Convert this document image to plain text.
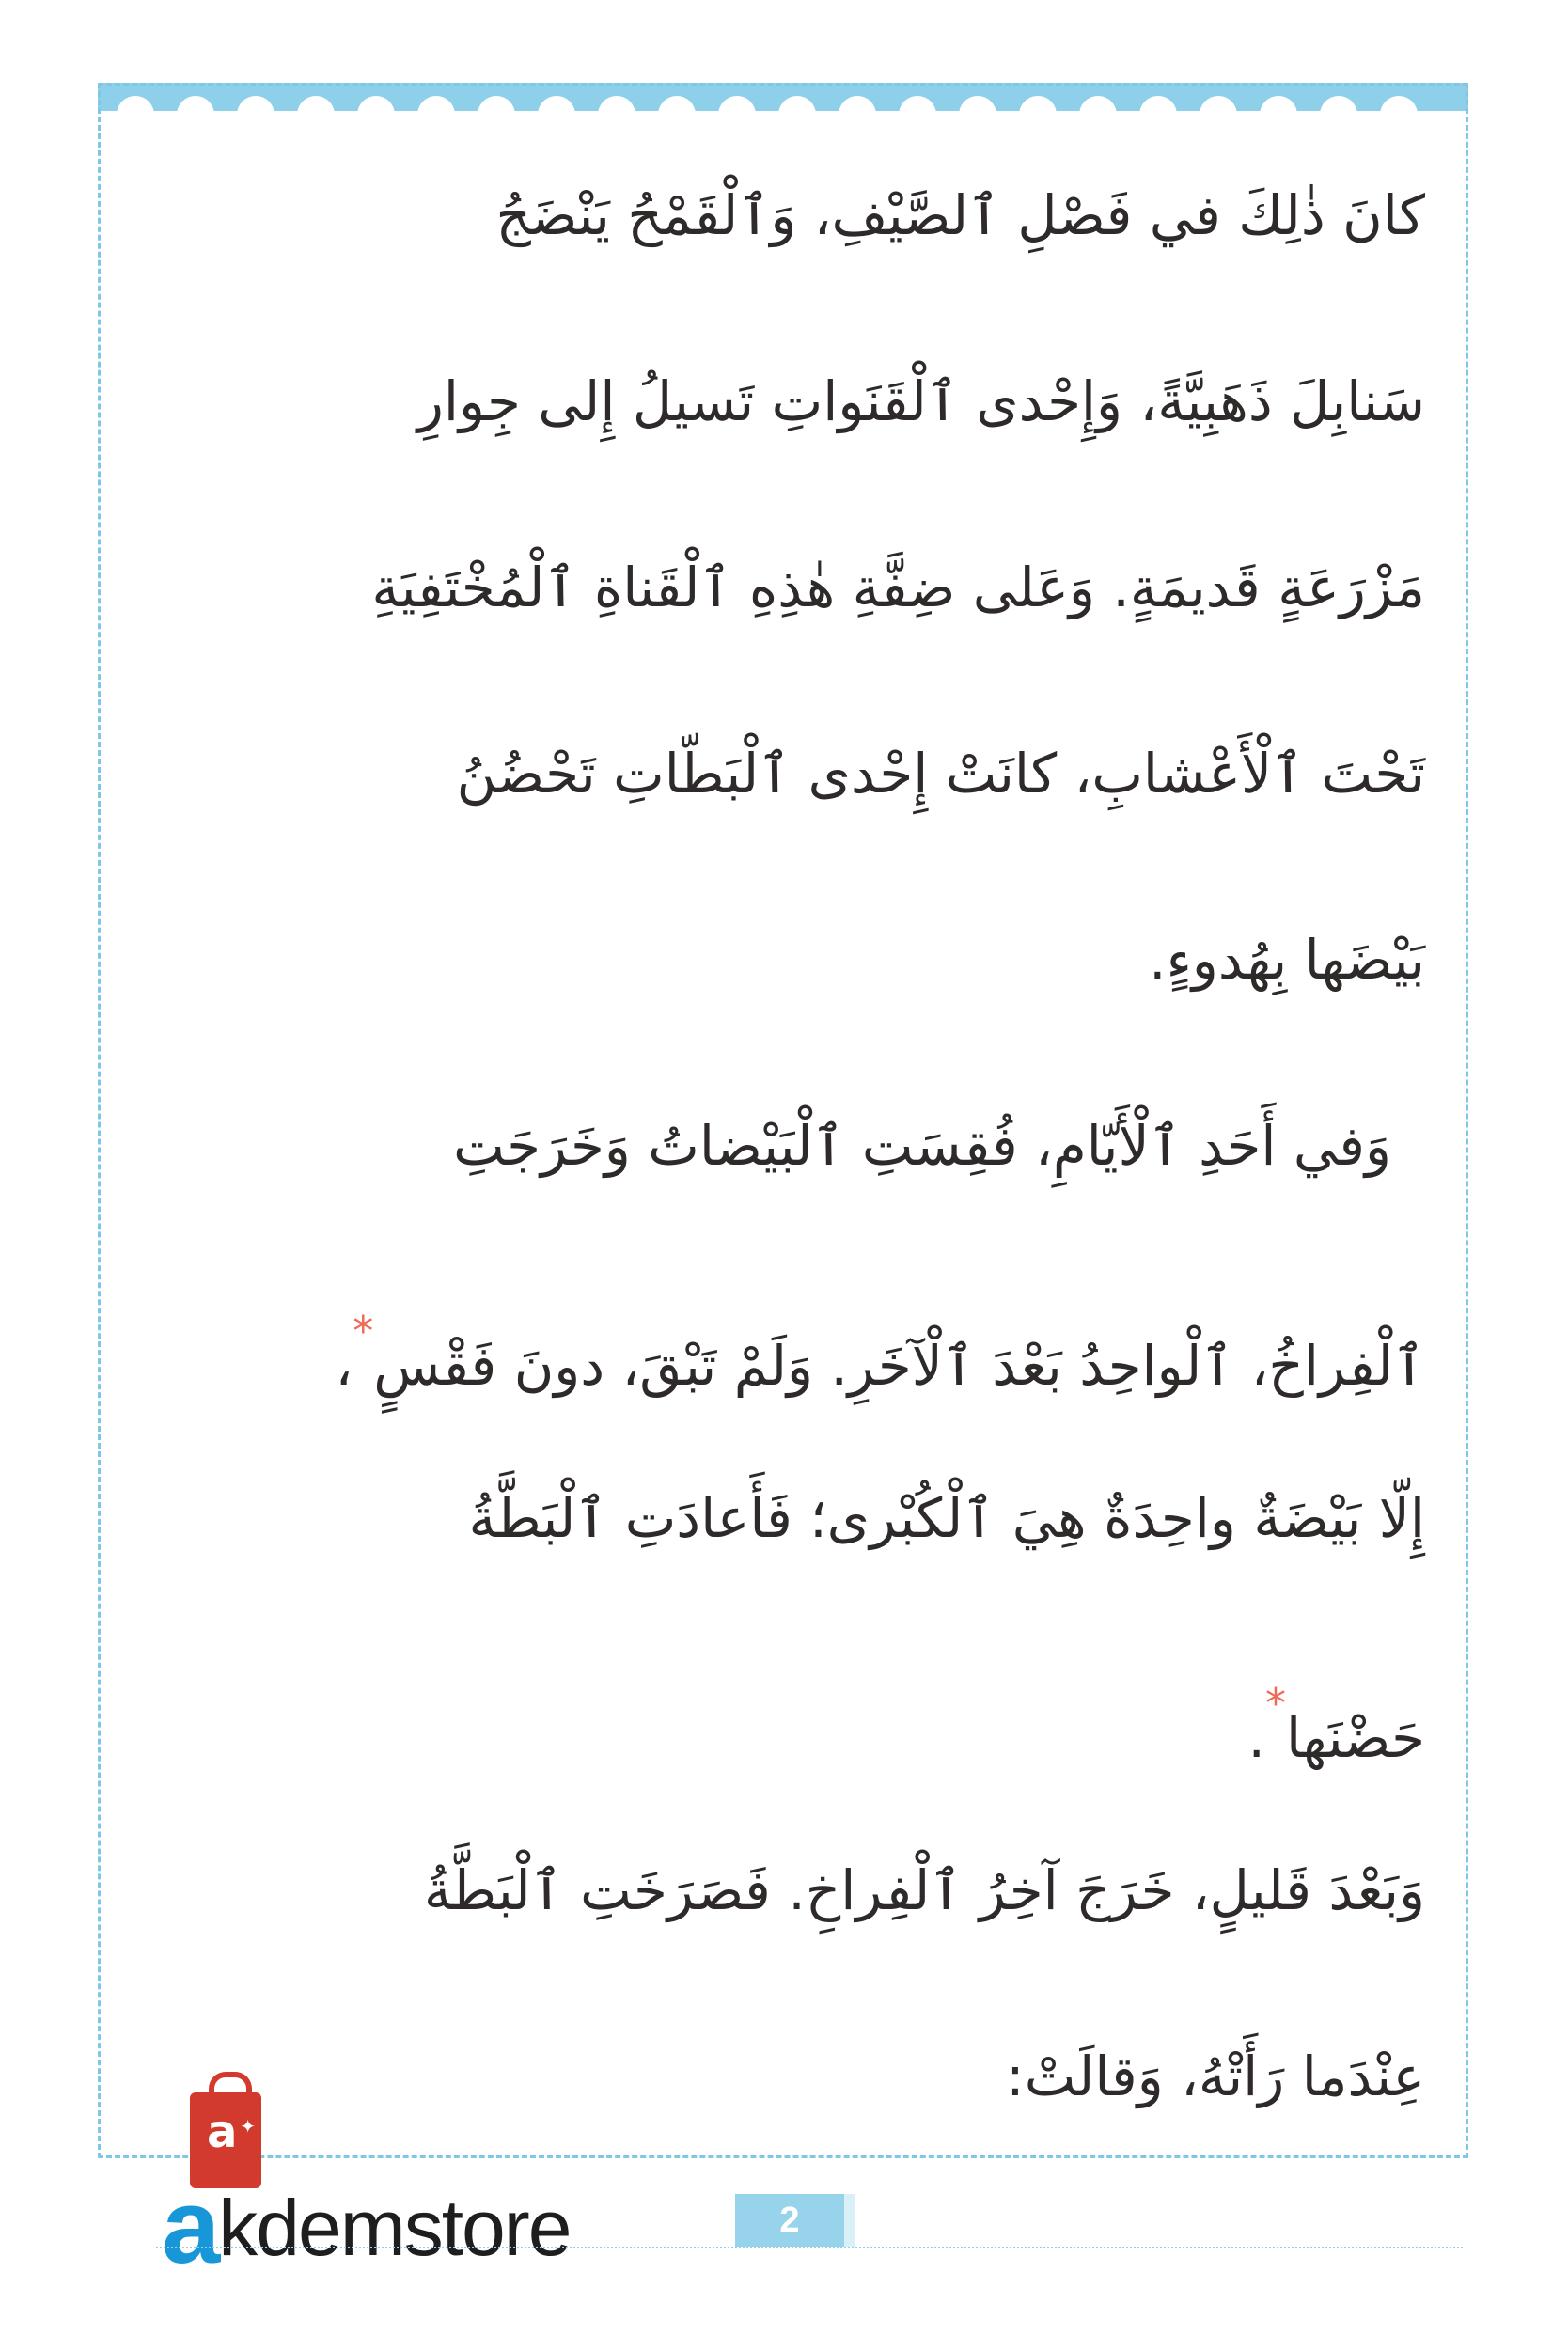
كانَ ذٰلِكَ في فَصْلِ ٱلصَّيْفِ، وَٱلْقَمْحُ يَنْضَجُ
سَنابِلَ ذَهَبِيَّةً، وَإِحْدى ٱلْقَنَواتِ تَسيلُ إِلى جِوارِ
مَزْرَعَةٍ قَديمَةٍ. وَعَلى ضِفَّةِ هٰذِهِ ٱلْقَناةِ ٱلْمُخْتَفِيَةِ
تَحْتَ ٱلْأَعْشابِ، كانَتْ إِحْدى ٱلْبَطّاتِ تَحْضُنُ
بَيْضَها بِهُدوءٍ.

وَفي أَحَدِ ٱلْأَيّامِ، فُقِسَتِ ٱلْبَيْضاتُ وَخَرَجَتِ
ٱلْفِراخُ، ٱلْواحِدُ بَعْدَ ٱلْآخَرِ. وَلَمْ تَبْقَ، دونَ فَقْسٍ*،
إِلّا بَيْضَةٌ واحِدَةٌ هِيَ ٱلْكُبْرى؛ فَأَعادَتِ ٱلْبَطَّةُ
حَضْنَها*.

وَبَعْدَ قَليلٍ، خَرَجَ آخِرُ ٱلْفِراخِ. فَصَرَخَتِ ٱلْبَطَّةُ
عِنْدَما رَأَتْهُ، وَقالَتْ:

a ✦
akdemstore	2
